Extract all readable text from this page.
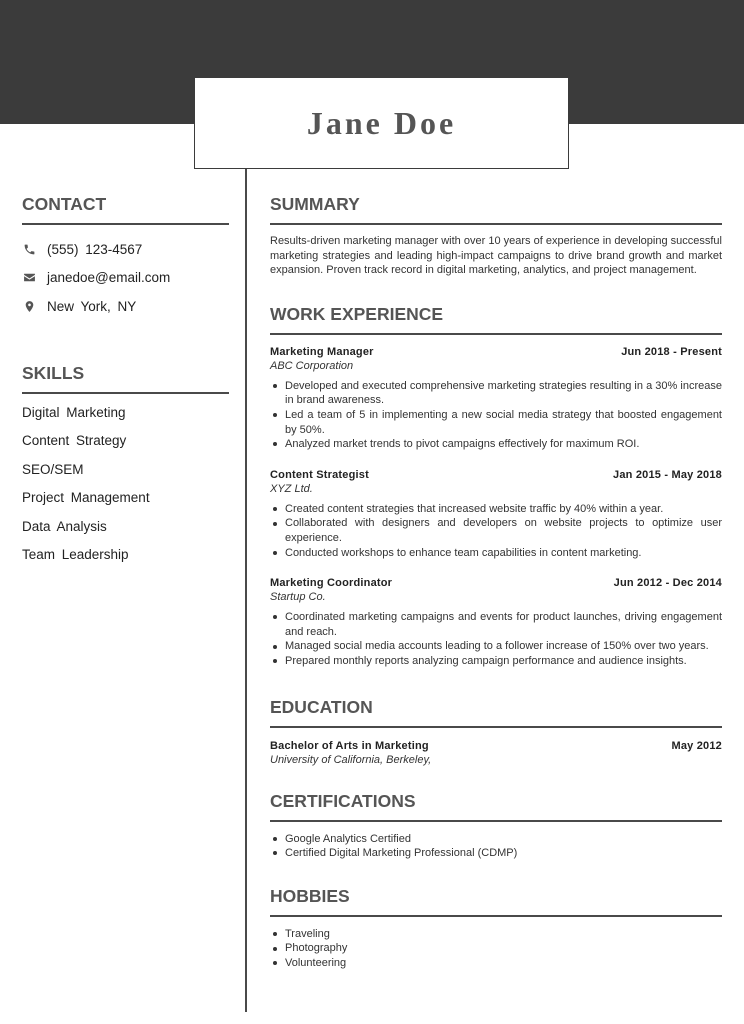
Jane Doe
CONTACT
(555) 123-4567
janedoe@email.com
New York, NY
SKILLS
Digital Marketing
Content Strategy
SEO/SEM
Project Management
Data Analysis
Team Leadership
SUMMARY

Results-driven marketing manager with over 10 years of experience in developing successful marketing strategies and leading high-impact campaigns to drive brand growth and market expansion. Proven track record in digital marketing, analytics, and project management.

WORK EXPERIENCE
Marketing Manager	Jun 2018 - Present
ABC Corporation
Developed and executed comprehensive marketing strategies resulting in a 30% increase in brand awareness.
Led a team of 5 in implementing a new social media strategy that boosted engagement by 50%.
Analyzed market trends to pivot campaigns effectively for maximum ROI.
Content Strategist	Jan 2015 - May 2018
XYZ Ltd.
Created content strategies that increased website traffic by 40% within a year.
Collaborated with designers and developers on website projects to optimize user experience.
Conducted workshops to enhance team capabilities in content marketing.
Marketing Coordinator	Jun 2012 - Dec 2014
Startup Co.
Coordinated marketing campaigns and events for product launches, driving engagement and reach.
Managed social media accounts leading to a follower increase of 150% over two years.
Prepared monthly reports analyzing campaign performance and audience insights.
EDUCATION
Bachelor of Arts in Marketing	May 2012
University of California, Berkeley,
CERTIFICATIONS
Google Analytics Certified
Certified Digital Marketing Professional (CDMP)
HOBBIES
Traveling
Photography
Volunteering
